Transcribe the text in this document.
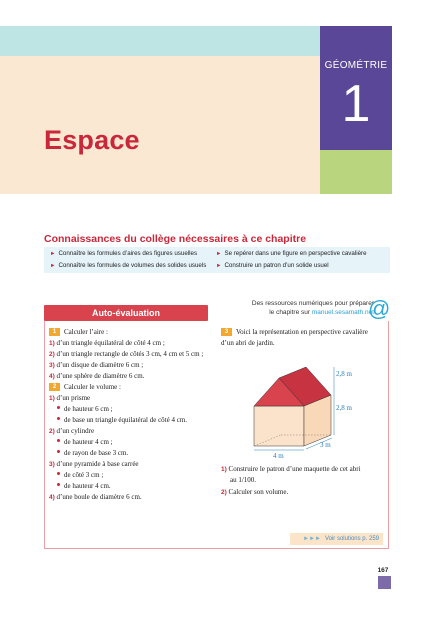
GÉOMÉTRIE
1
Espace
Connaissances du collège nécessaires à ce chapitre
► Connaître les formules d’aires des figures usuelles	► Se repérer dans une figure en perspective cavalière
► Connaître les formules de volumes des solides usuels ► Construire un patron d’un solide usuel
Des ressources numériques pour préparer
le chapitre sur manuel.sesamath.net
@
Auto-évaluation
1 Calculer l’aire :
1) d’un triangle équilatéral de côté 4 cm ;
2) d’un triangle rectangle de côtés 3 cm, 4 cm et 5 cm ;
3) d’un disque de diamètre 6 cm ;
4) d’une sphère de diamètre 6 cm.
2 Calculer le volume :
1) d’un prisme
de hauteur 6 cm ;
de base un triangle équilatéral de côté 4 cm.
2) d’un cylindre
de hauteur 4 cm ;
de rayon de base 3 cm.
3) d’une pyramide à base carrée
de côté 3 cm ;
de hauteur 4 cm.
4) d’une boule de diamètre 6 cm.
3 Voici la représentation en perspective cavalière
d’un abri de jardin.
2,8 m
2,8 m
3 m
4 m
1) Construire le patron d’une maquette de cet abri
au 1/100.
2) Calculer son volume.
►►► Voir solutions p. 259
167
